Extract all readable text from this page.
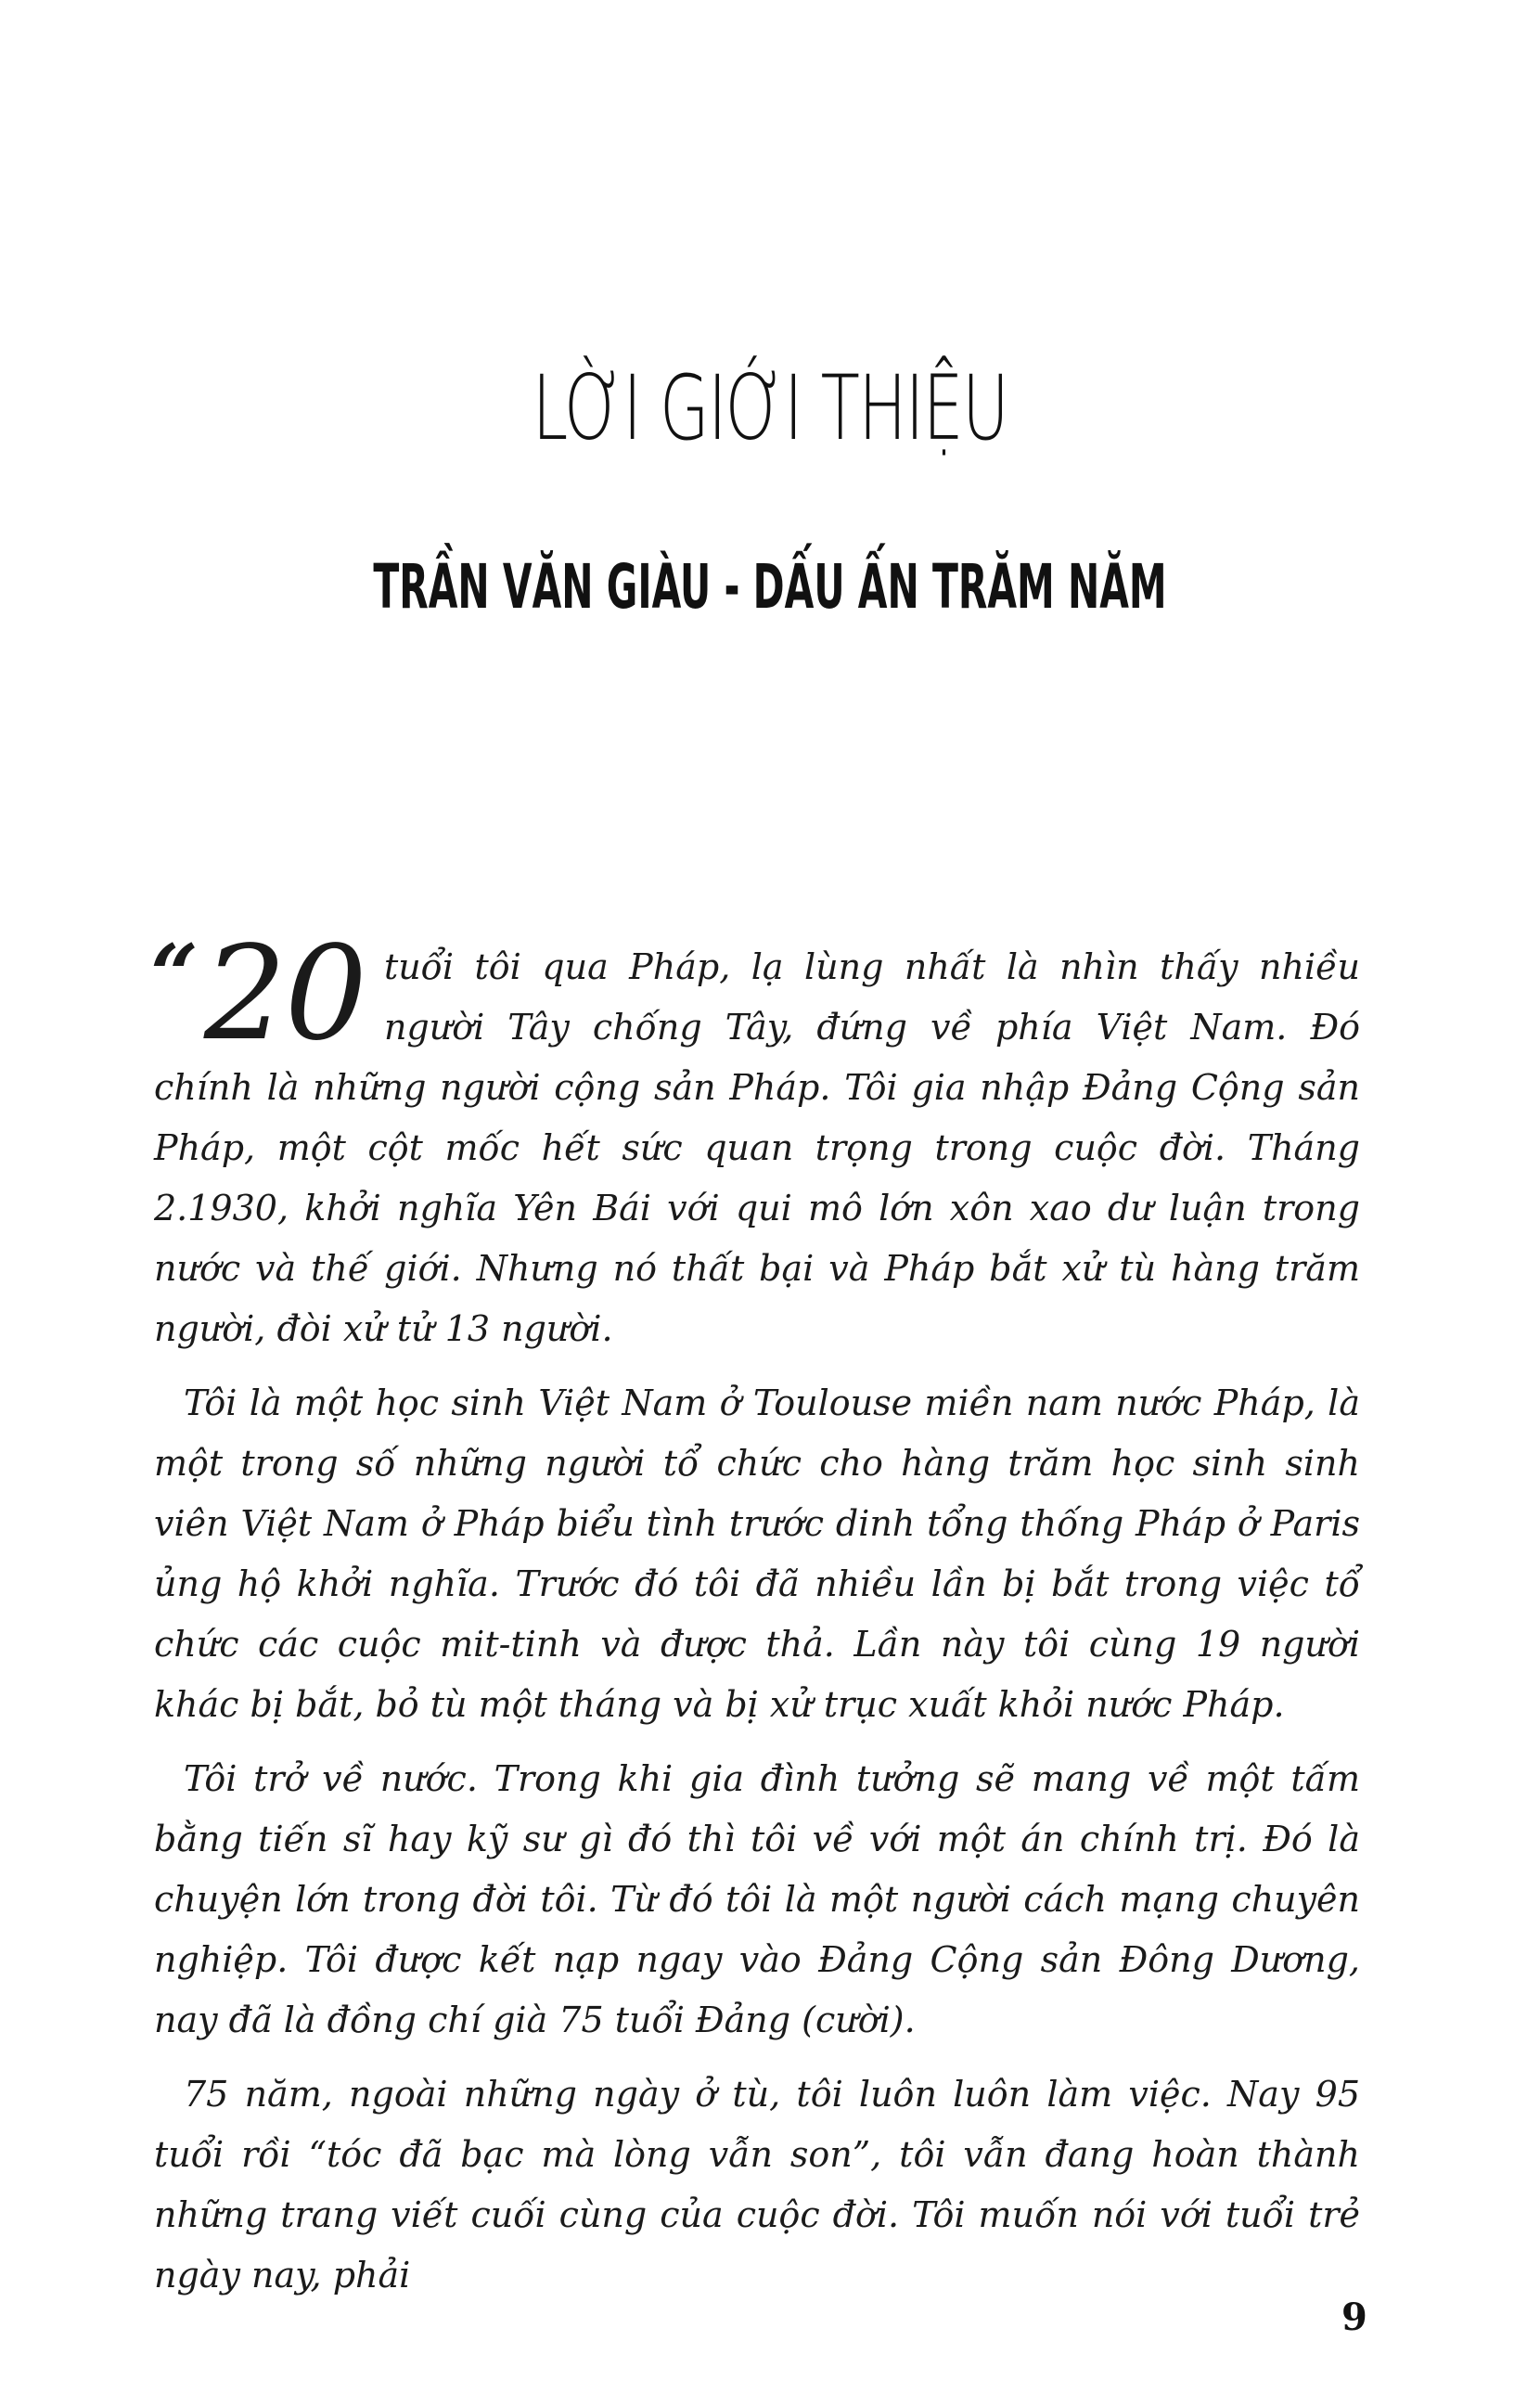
LỜI GIỚI THIỆU
TRẦN VĂN GIÀU - DẤU ẤN TRĂM NĂM

“ 20 tuổi tôi qua Pháp, lạ lùng nhất là nhìn thấy nhiều người Tây chống Tây, đứng về phía Việt Nam. Đó chính là những người cộng sản Pháp. Tôi gia nhập Đảng Cộng sản Pháp, một cột mốc hết sức quan trọng trong cuộc đời. Tháng 2.1930, khởi nghĩa Yên Bái với qui mô lớn xôn xao dư luận trong nước và thế giới. Nhưng nó thất bại và Pháp bắt xử tù hàng trăm người, đòi xử tử 13 người.

Tôi là một học sinh Việt Nam ở Toulouse miền nam nước Pháp, là một trong số những người tổ chức cho hàng trăm học sinh sinh viên Việt Nam ở Pháp biểu tình trước dinh tổng thống Pháp ở Paris ủng hộ khởi nghĩa. Trước đó tôi đã nhiều lần bị bắt trong việc tổ chức các cuộc mit-tinh và được thả. Lần này tôi cùng 19 người khác bị bắt, bỏ tù một tháng và bị xử trục xuất khỏi nước Pháp.

Tôi trở về nước. Trong khi gia đình tưởng sẽ mang về một tấm bằng tiến sĩ hay kỹ sư gì đó thì tôi về với một án chính trị. Đó là chuyện lớn trong đời tôi. Từ đó tôi là một người cách mạng chuyên nghiệp. Tôi được kết nạp ngay vào Đảng Cộng sản Đông Dương, nay đã là đồng chí già 75 tuổi Đảng (cười).

75 năm, ngoài những ngày ở tù, tôi luôn luôn làm việc. Nay 95 tuổi rồi “tóc đã bạc mà lòng vẫn son”, tôi vẫn đang hoàn thành những trang viết cuối cùng của cuộc đời. Tôi muốn nói với tuổi trẻ ngày nay, phải

9
